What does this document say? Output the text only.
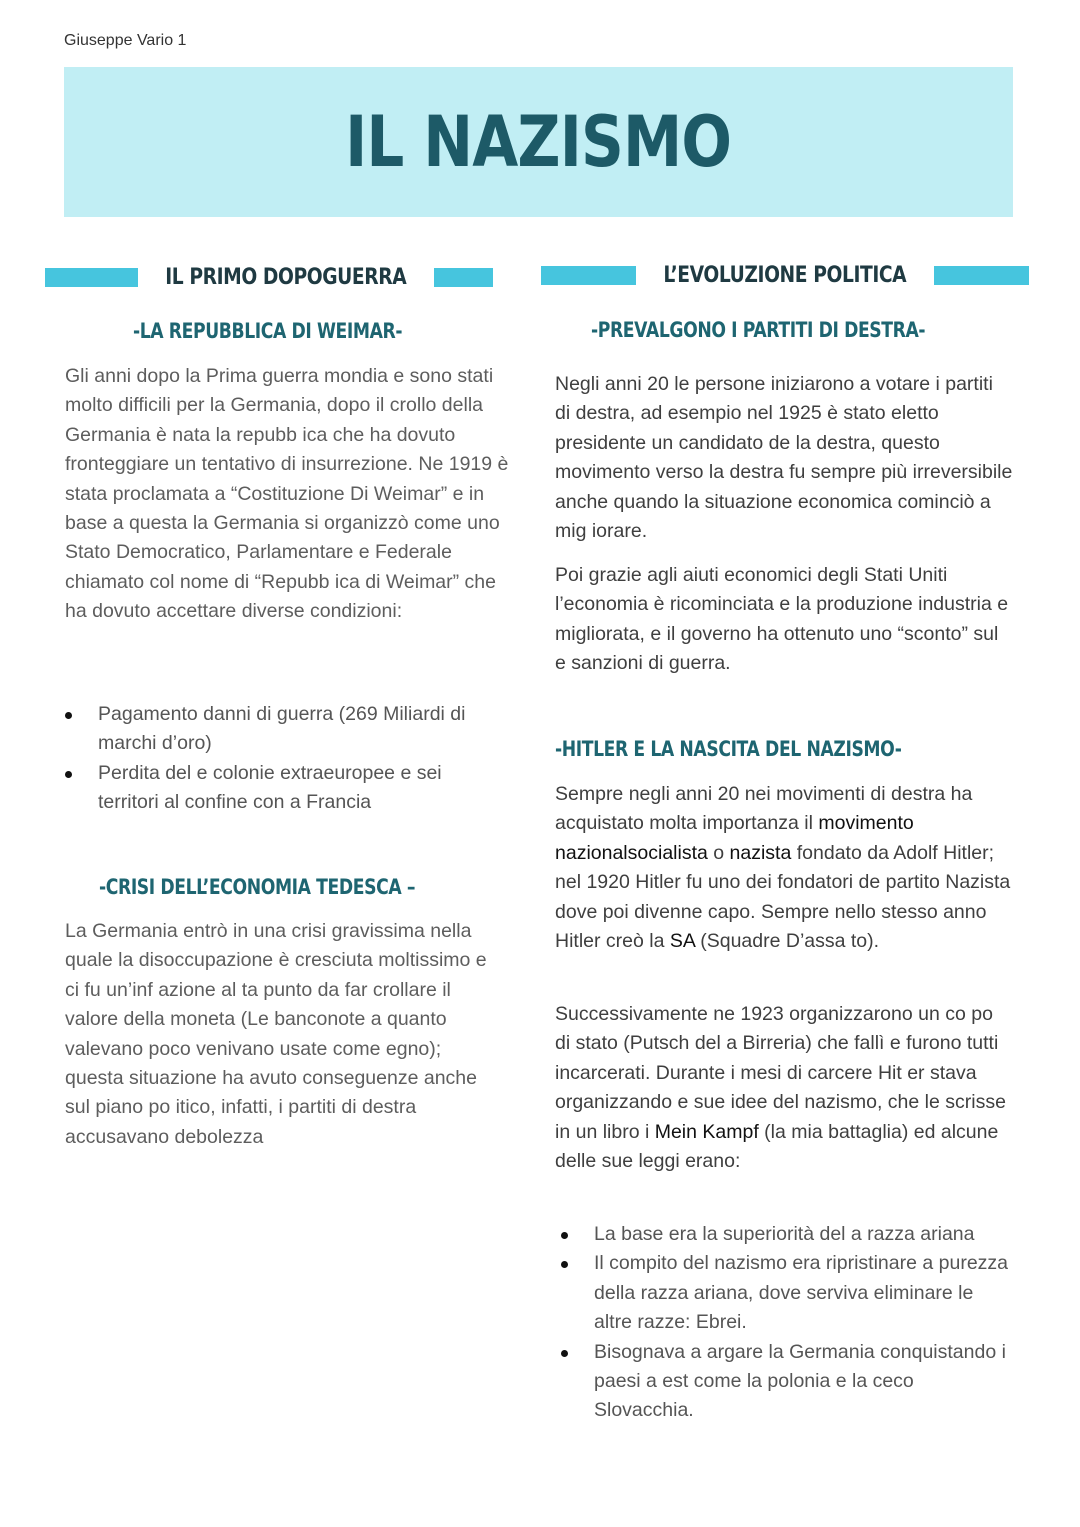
Giuseppe Vario 1
IL NAZISMO
IL PRIMO DOPOGUERRA
-LA REPUBBLICA DI WEIMAR-

Gli anni dopo la Prima guerra mondia e sono stati molto difficili per la Germania, dopo il crollo della Germania è nata la repubb ica che ha dovuto fronteggiare un tentativo di insurrezione. Ne 1919 è stata proclamata a “Costituzione Di Weimar” e in base a questa la Germania si organizzò come uno Stato Democratico, Parlamentare e Federale chiamato col nome di “Repubb ica di Weimar” che ha dovuto accettare diverse condizioni:

Pagamento danni di guerra (269 Miliardi di marchi d’oro)
Perdita del e colonie extraeuropee e sei territori al confine con a Francia
-CRISI DELL’ECONOMIA TEDESCA –

La Germania entrò in una crisi gravissima nella quale la disoccupazione è cresciuta moltissimo e ci fu un’inf azione al ta punto da far crollare il valore della moneta (Le banconote a quanto valevano poco venivano usate come egno); questa situazione ha avuto conseguenze anche sul piano po itico, infatti, i partiti di destra accusavano debolezza

L’EVOLUZIONE POLITICA
-PREVALGONO I PARTITI DI DESTRA-

Negli anni 20 le persone iniziarono a votare i partiti di destra, ad esempio nel 1925 è stato eletto presidente un candidato de la destra, questo movimento verso la destra fu sempre più irreversibile anche quando la situazione economica cominciò a mig iorare.

Poi grazie agli aiuti economici degli Stati Uniti l’economia è ricominciata e la produzione industria e migliorata, e il governo ha ottenuto uno “sconto” sul e sanzioni di guerra.

-HITLER E LA NASCITA DEL NAZISMO-

Sempre negli anni 20 nei movimenti di destra ha acquistato molta importanza il movimento nazionalsocialista o nazista fondato da Adolf Hitler; nel 1920 Hitler fu uno dei fondatori de partito Nazista dove poi divenne capo. Sempre nello stesso anno Hitler creò la SA (Squadre D’assa to).

Successivamente ne 1923 organizzarono un co po di stato (Putsch del a Birreria) che fallì e furono tutti incarcerati. Durante i mesi di carcere Hit er stava organizzando e sue idee del nazismo, che le scrisse in un libro i Mein Kampf (la mia battaglia) ed alcune delle sue leggi erano:

La base era la superiorità del a razza ariana
Il compito del nazismo era ripristinare a purezza della razza ariana, dove serviva eliminare le altre razze: Ebrei.
Bisognava a argare la Germania conquistando i paesi a est come la polonia e la ceco Slovacchia.
